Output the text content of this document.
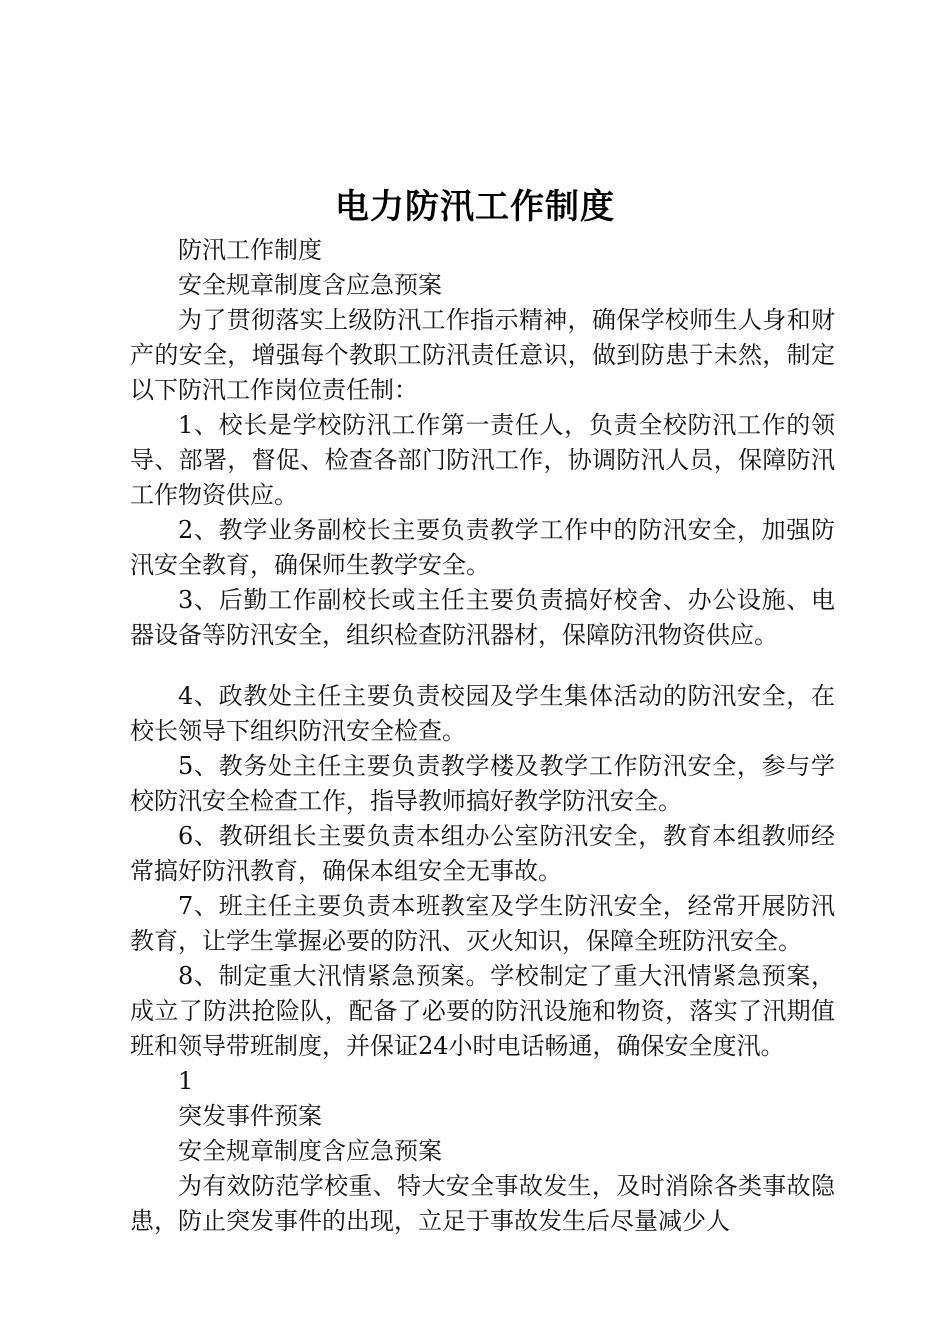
电力防汛工作制度

防汛工作制度

安全规章制度含应急预案

为了贯彻落实上级防汛工作指示精神，确保学校师生人身和财产的安全，增强每个教职工防汛责任意识，做到防患于未然，制定以下防汛工作岗位责任制：

1、校长是学校防汛工作第一责任人，负责全校防汛工作的领导、部署，督促、检查各部门防汛工作，协调防汛人员，保障防汛工作物资供应。

2、教学业务副校长主要负责教学工作中的防汛安全，加强防汛安全教育，确保师生教学安全。

3、后勤工作副校长或主任主要负责搞好校舍、办公设施、电器设备等防汛安全，组织检查防汛器材，保障防汛物资供应。

4、政教处主任主要负责校园及学生集体活动的防汛安全，在校长领导下组织防汛安全检查。

5、教务处主任主要负责教学楼及教学工作防汛安全，参与学校防汛安全检查工作，指导教师搞好教学防汛安全。

6、教研组长主要负责本组办公室防汛安全，教育本组教师经常搞好防汛教育，确保本组安全无事故。

7、班主任主要负责本班教室及学生防汛安全，经常开展防汛教育，让学生掌握必要的防汛、灭火知识，保障全班防汛安全。

8、制定重大汛情紧急预案。学校制定了重大汛情紧急预案，成立了防洪抢险队，配备了必要的防汛设施和物资，落实了汛期值班和领导带班制度，并保证24小时电话畅通，确保安全度汛。

1

突发事件预案

安全规章制度含应急预案

为有效防范学校重、特大安全事故发生，及时消除各类事故隐患，防止突发事件的出现，立足于事故发生后尽量减少人
